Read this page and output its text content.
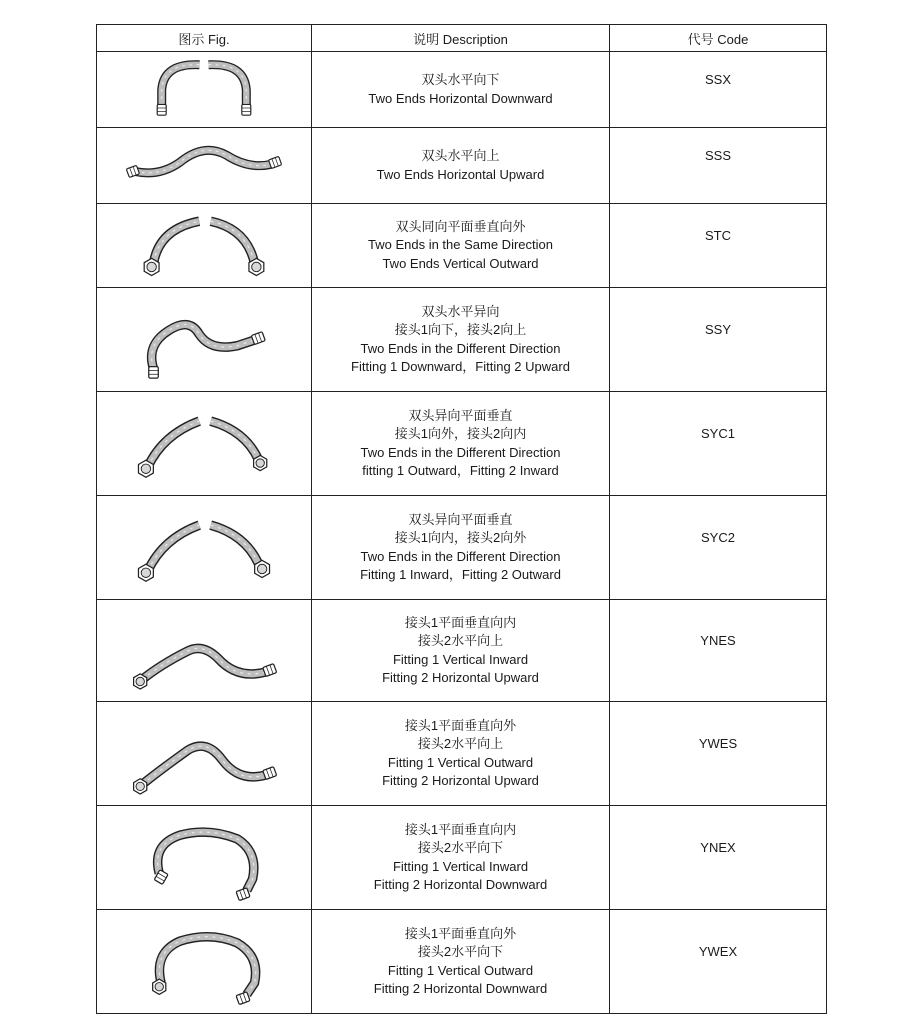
图示 Fig.	说明 Description	代号 Code

双头水平向下
Two Ends Horizontal Downward	$^{SSX}$

双头水平向上
Two Ends Horizontal Upward	$^{SSS}$

双头同向平面垂直向外
Two Ends in the Same Direction
Two Ends Vertical Outward	$^{STC}$

双头水平异向
接头1向下，接头2向上
Two Ends in the Different Direction
Fitting 1 Downward，Fitting 2 Upward	$^{SSY}$

双头异向平面垂直
接头1向外，接头2向内
Two Ends in the Different Direction
fitting 1 Outward，Fitting 2 Inward	$^{SYC1}$

双头异向平面垂直
接头1向内，接头2向外
Two Ends in the Different Direction
Fitting 1 Inward，Fitting 2 Outward	$^{SYC2}$

接头1平面垂直向内
接头2水平向上
Fitting 1 Vertical Inward
Fitting 2 Horizontal Upward	$^{YNES}$

接头1平面垂直向外
接头2水平向上
Fitting 1 Vertical Outward
Fitting 2 Horizontal Upward	$^{YWES}$

接头1平面垂直向内
接头2水平向下
Fitting 1 Vertical Inward
Fitting 2 Horizontal Downward	$^{YNEX}$

接头1平面垂直向外
接头2水平向下
Fitting 1 Vertical Outward
Fitting 2 Horizontal Downward	$^{YWEX}$
